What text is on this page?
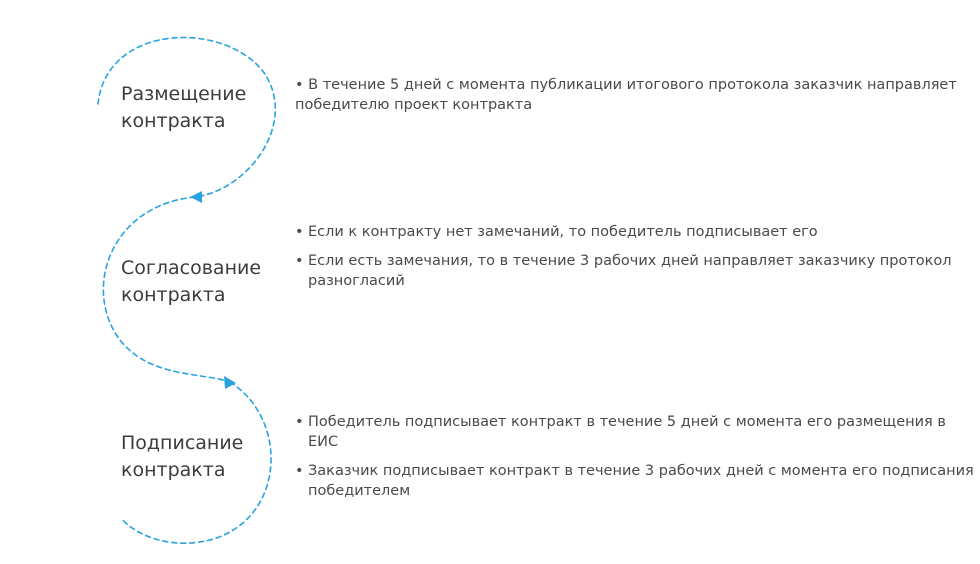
Размещение
контракта
• В течение 5 дней с момента публикации итогового протокола заказчик направляет победителю проект контракта
Согласование
контракта
• Если к контракту нет замечаний, то победитель подписывает его
• Если есть замечания, то в течение 3 рабочих дней направляет заказчику протокол разногласий
Подписание
контракта
• Победитель подписывает контракт в течение 5 дней с момента его размещения в ЕИС
• Заказчик подписывает контракт в течение 3 рабочих дней с момента его подписания победителем
